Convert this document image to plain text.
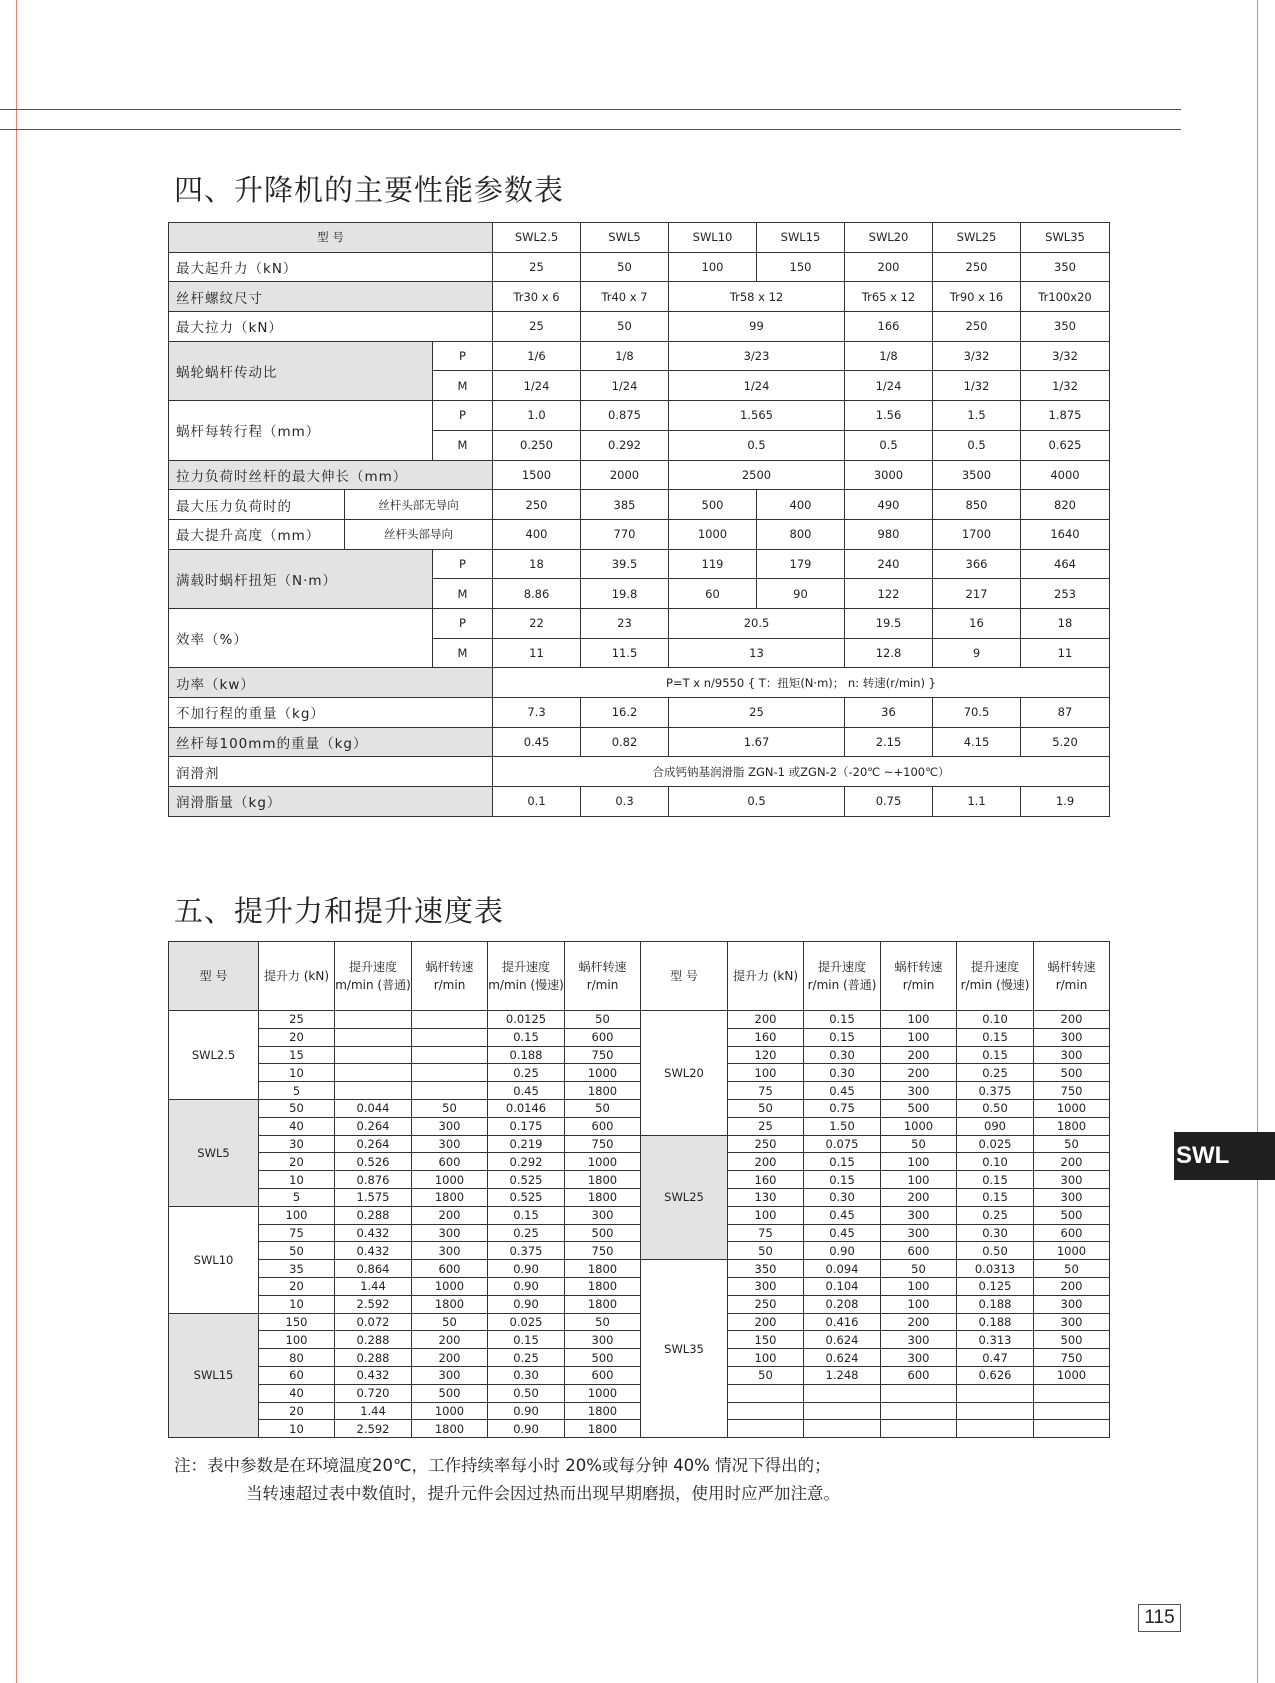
四、升降机的主要性能参数表
型 号			SWL2.5	SWL5	SWL10	SWL15	SWL20	SWL25	SWL35
最大起升力（kN）			25	50	100	150	200	250	350
丝杆螺纹尺寸			Tr30 x 6	Tr40 x 7	Tr58 x 12		Tr65 x 12	Tr90 x 16	Tr100x20
最大拉力（kN）			25	50	99		166	250	350
蜗轮蜗杆传动比		P	1/6	1/8	3/23		1/8	3/32	3/32
		M	1/24	1/24	1/24		1/24	1/32	1/32
蜗杆每转行程（mm）		P	1.0	0.875	1.565		1.56	1.5	1.875
		M	0.250	0.292	0.5		0.5	0.5	0.625
拉力负荷时丝杆的最大伸长（mm）			1500	2000	2500		3000	3500	4000
最大压力负荷时的	丝杆头部无导向		250	385	500	400	490	850	820
最大提升高度（mm）	丝杆头部导向		400	770	1000	800	980	1700	1640
满载时蜗杆扭矩（N·m）		P	18	39.5	119	179	240	366	464
		M	8.86	19.8	60	90	122	217	253
效率（%）		P	22	23	20.5		19.5	16	18
		M	11	11.5	13		12.8	9	11
功率（kw）			P=T x n/9550 { T：扭矩(N·m)； n: 转速(r/min) }						
不加行程的重量（kg）			7.3	16.2	25		36	70.5	87
丝杆每100mm的重量（kg）			0.45	0.82	1.67		2.15	4.15	5.20
润滑剂			合成钙钠基润滑脂 ZGN-1 或ZGN-2（-20℃ ~+100℃）						
润滑脂量（kg）			0.1	0.3	0.5		0.75	1.1	1.9
五、提升力和提升速度表
型 号	提升力 (kN)	提升速度 m/min (普通)	蜗杆转速 r/min	提升速度 m/min (慢速)	蜗杆转速 r/min	型 号	提升力 (kN)	提升速度 r/min (普通)	蜗杆转速 r/min	提升速度 r/min (慢速)	蜗杆转速 r/min
SWL2.5	25			0.0125	50	SWL20	200	0.15	100	0.10	200
	20			0.15	600		160	0.15	100	0.15	300
	15			0.188	750		120	0.30	200	0.15	300
	10			0.25	1000		100	0.30	200	0.25	500
	5			0.45	1800		75	0.45	300	0.375	750
SWL5	50	0.044	50	0.0146	50		50	0.75	500	0.50	1000
	40	0.264	300	0.175	600		25	1.50	1000	090	1800
	30	0.264	300	0.219	750	SWL25	250	0.075	50	0.025	50
	20	0.526	600	0.292	1000		200	0.15	100	0.10	200
	10	0.876	1000	0.525	1800		160	0.15	100	0.15	300
	5	1.575	1800	0.525	1800		130	0.30	200	0.15	300
SWL10	100	0.288	200	0.15	300		100	0.45	300	0.25	500
	75	0.432	300	0.25	500		75	0.45	300	0.30	600
	50	0.432	300	0.375	750		50	0.90	600	0.50	1000
	35	0.864	600	0.90	1800	SWL35	350	0.094	50	0.0313	50
	20	1.44	1000	0.90	1800		300	0.104	100	0.125	200
	10	2.592	1800	0.90	1800		250	0.208	100	0.188	300
SWL15	150	0.072	50	0.025	50		200	0.416	200	0.188	300
	100	0.288	200	0.15	300		150	0.624	300	0.313	500
	80	0.288	200	0.25	500		100	0.624	300	0.47	750
	60	0.432	300	0.30	600		50	1.248	600	0.626	1000
	40	0.720	500	0.50	1000						
	20	1.44	1000	0.90	1800						
	10	2.592	1800	0.90	1800						
注：表中参数是在环境温度20℃，工作持续率每小时 20%或每分钟 40% 情况下得出的；
当转速超过表中数值时，提升元件会因过热而出现早期磨损，使用时应严加注意。
SWL
115
